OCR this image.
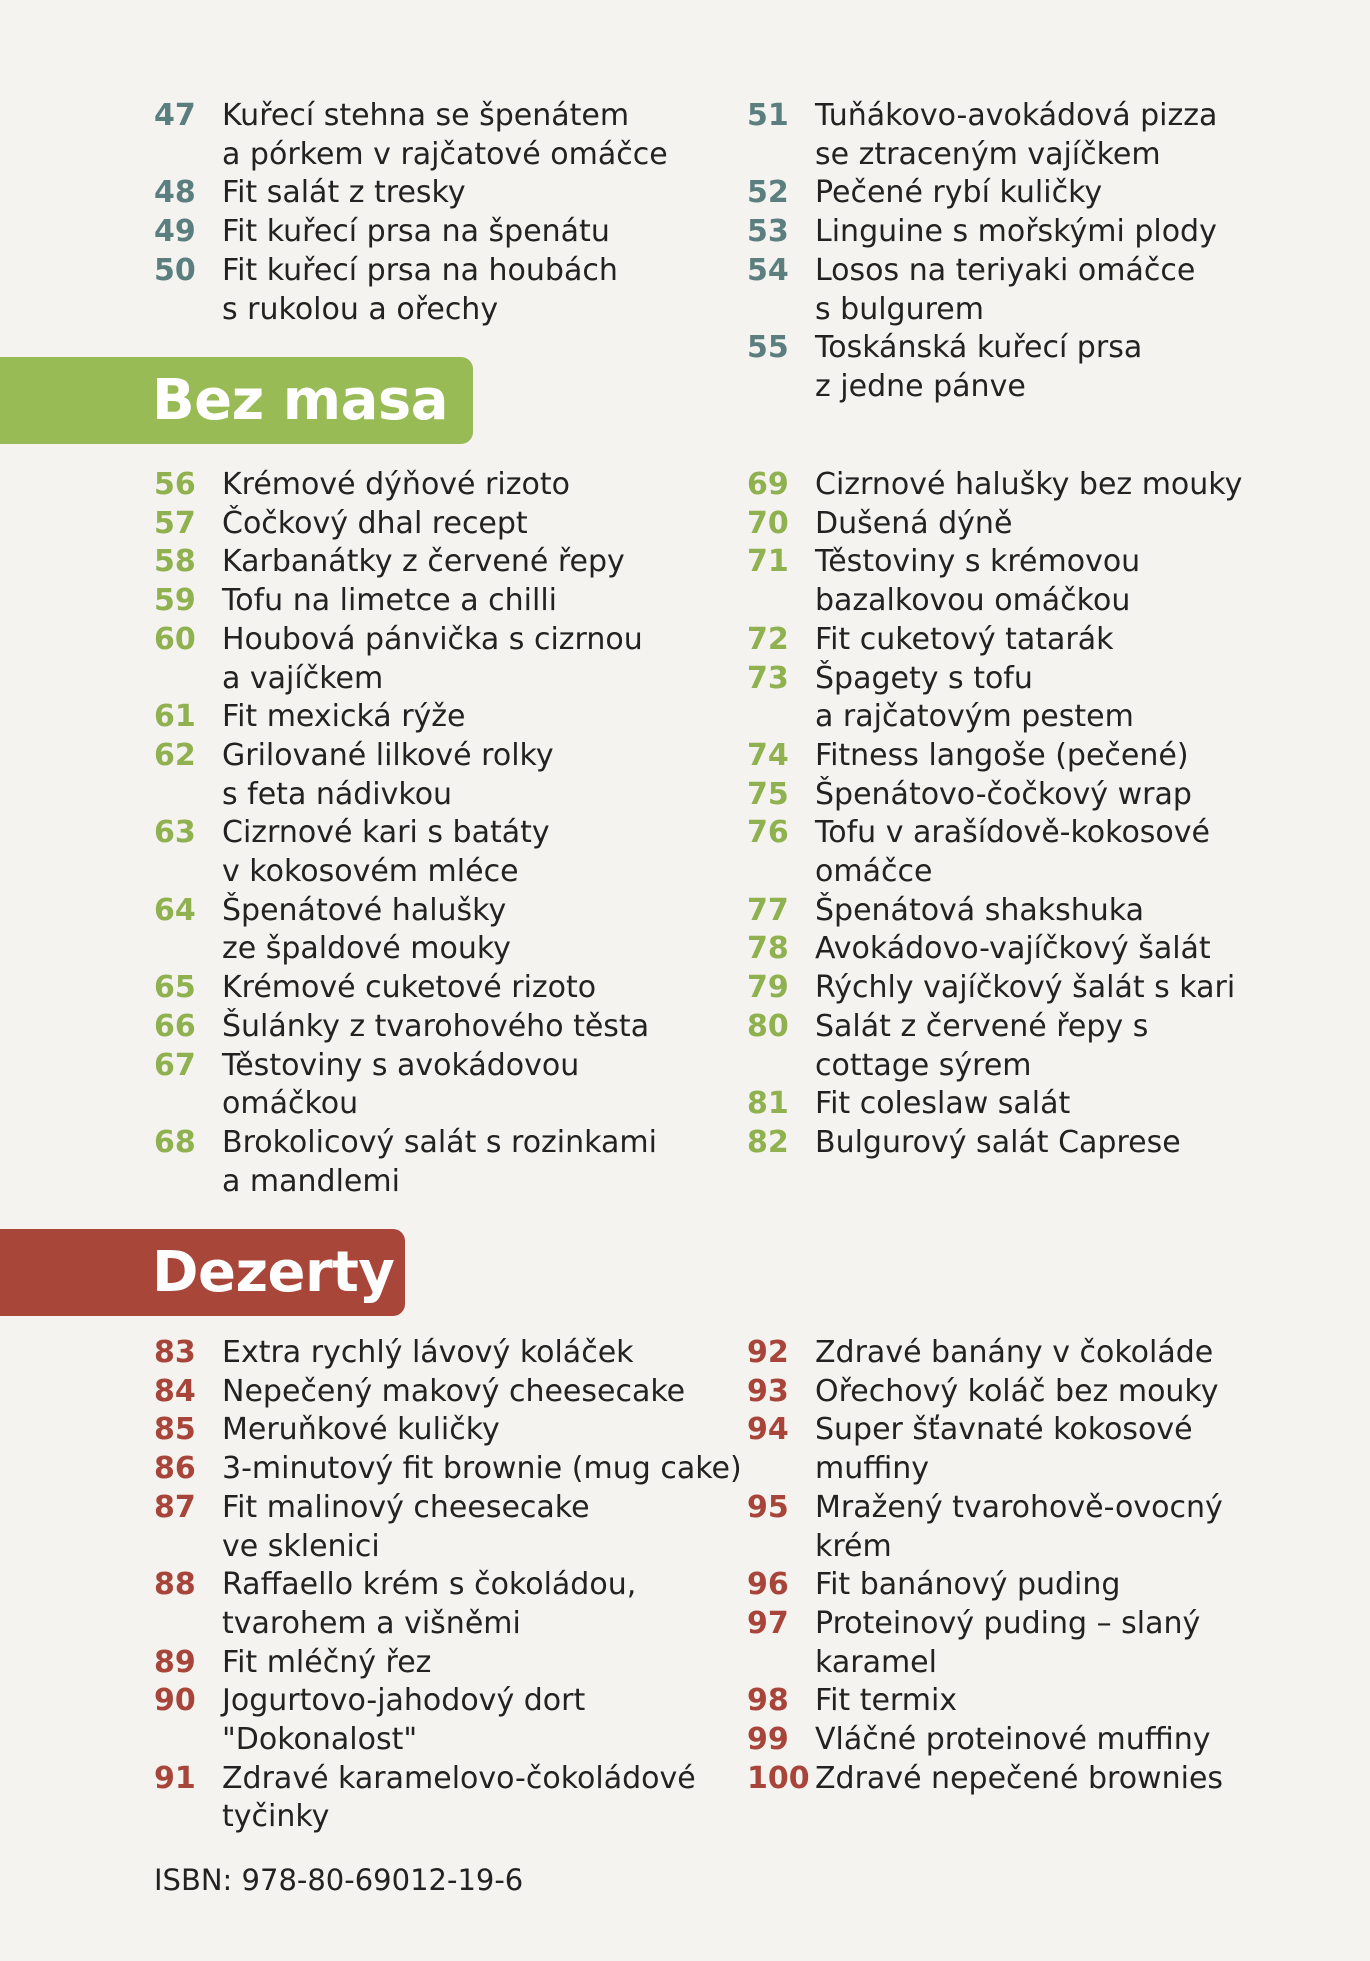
47 Kuřecí stehna se špenátem
a pórkem v rajčatové omáčce
48 Fit salát z tresky
49 Fit kuřecí prsa na špenátu
50 Fit kuřecí prsa na houbách
s rukolou a ořechy
51 Tuňákovo-avokádová pizza
se ztraceným vajíčkem
52 Pečené rybí kuličky
53 Linguine s mořskými plody
54 Losos na teriyaki omáčce
s bulgurem
55 Toskánská kuřecí prsa
z jedne pánve
Bez masa
56 Krémové dýňové rizoto
57 Čočkový dhal recept
58 Karbanátky z červené řepy
59 Tofu na limetce a chilli
60 Houbová pánvička s cizrnou
a vajíčkem
61 Fit mexická rýže
62 Grilované lilkové rolky
s feta nádivkou
63 Cizrnové kari s batáty
v kokosovém mléce
64 Špenátové halušky
ze špaldové mouky
65 Krémové cuketové rizoto
66 Šulánky z tvarohového těsta
67 Těstoviny s avokádovou
omáčkou
68 Brokolicový salát s rozinkami
a mandlemi
69 Cizrnové halušky bez mouky
70 Dušená dýně
71 Těstoviny s krémovou
bazalkovou omáčkou
72 Fit cuketový tatarák
73 Špagety s tofu
a rajčatovým pestem
74 Fitness langoše (pečené)
75 Špenátovo-čočkový wrap
76 Tofu v arašídově-kokosové
omáčce
77 Špenátová shakshuka
78 Avokádovo-vajíčkový šalát
79 Rýchly vajíčkový šalát s kari
80 Salát z červené řepy s
cottage sýrem
81 Fit coleslaw salát
82 Bulgurový salát Caprese
Dezerty
83 Extra rychlý lávový koláček
84 Nepečený makový cheesecake
85 Meruňkové kuličky
86 3-minutový fit brownie (mug cake)
87 Fit malinový cheesecake
ve sklenici
88 Raffaello krém s čokoládou,
tvarohem a višněmi
89 Fit mléčný řez
90 Jogurtovo-jahodový dort
"Dokonalost"
91 Zdravé karamelovo-čokoládové
tyčinky
92 Zdravé banány v čokoláde
93 Ořechový koláč bez mouky
94 Super šťavnaté kokosové
muffiny
95 Mražený tvarohově-ovocný
krém
96 Fit banánový puding
97 Proteinový puding – slaný
karamel
98 Fit termix
99 Vláčné proteinové muffiny
100 Zdravé nepečené brownies
ISBN: 978-80-69012-19-6
